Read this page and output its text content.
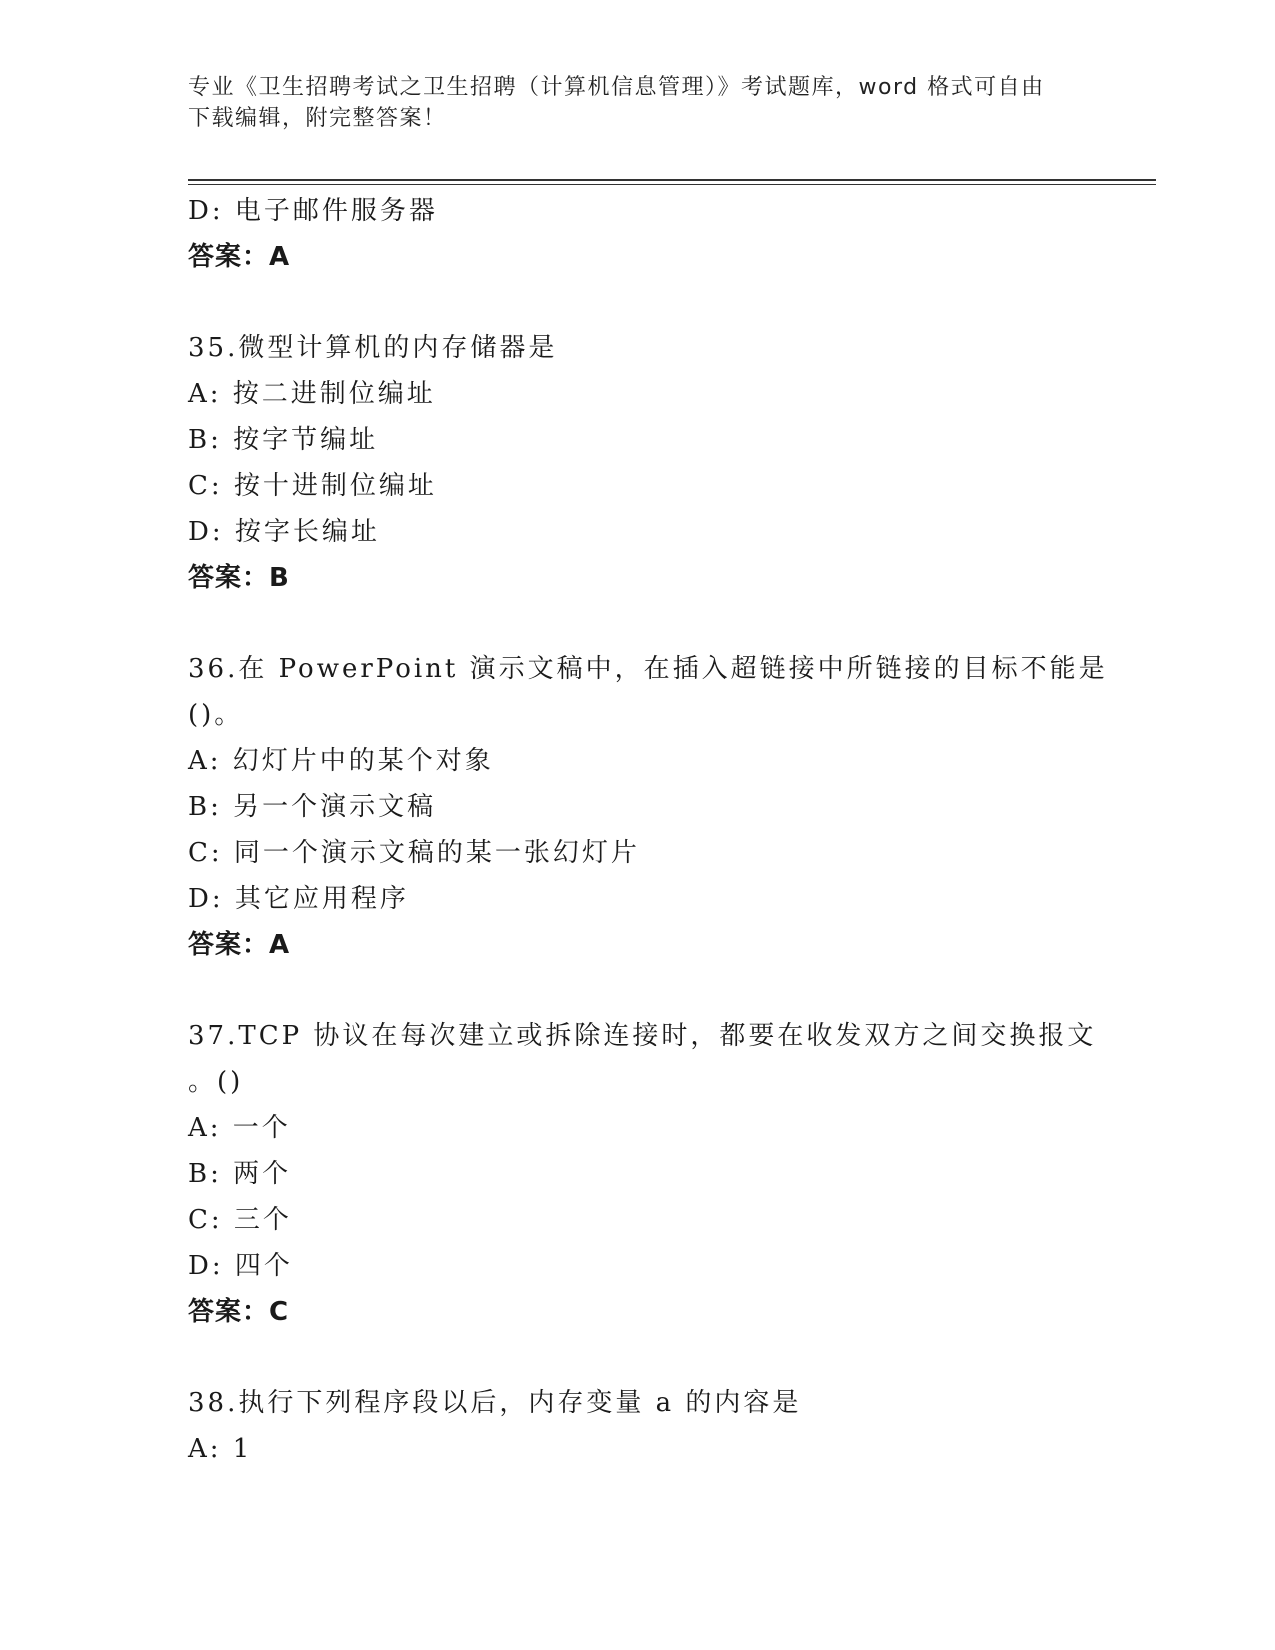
专业《卫生招聘考试之卫生招聘（计算机信息管理）》考试题库，word 格式可自由下载编辑，附完整答案！
D: 电子邮件服务器
答案：A
35.微型计算机的内存储器是
A: 按二进制位编址
B: 按字节编址
C: 按十进制位编址
D: 按字长编址
答案：B
36.在 PowerPoint 演示文稿中，在插入超链接中所链接的目标不能是
()。
A: 幻灯片中的某个对象
B: 另一个演示文稿
C: 同一个演示文稿的某一张幻灯片
D: 其它应用程序
答案：A
37.TCP 协议在每次建立或拆除连接时，都要在收发双方之间交换报文
。()
A: 一个
B: 两个
C: 三个
D: 四个
答案：C
38.执行下列程序段以后，内存变量 a 的内容是
A: 1
